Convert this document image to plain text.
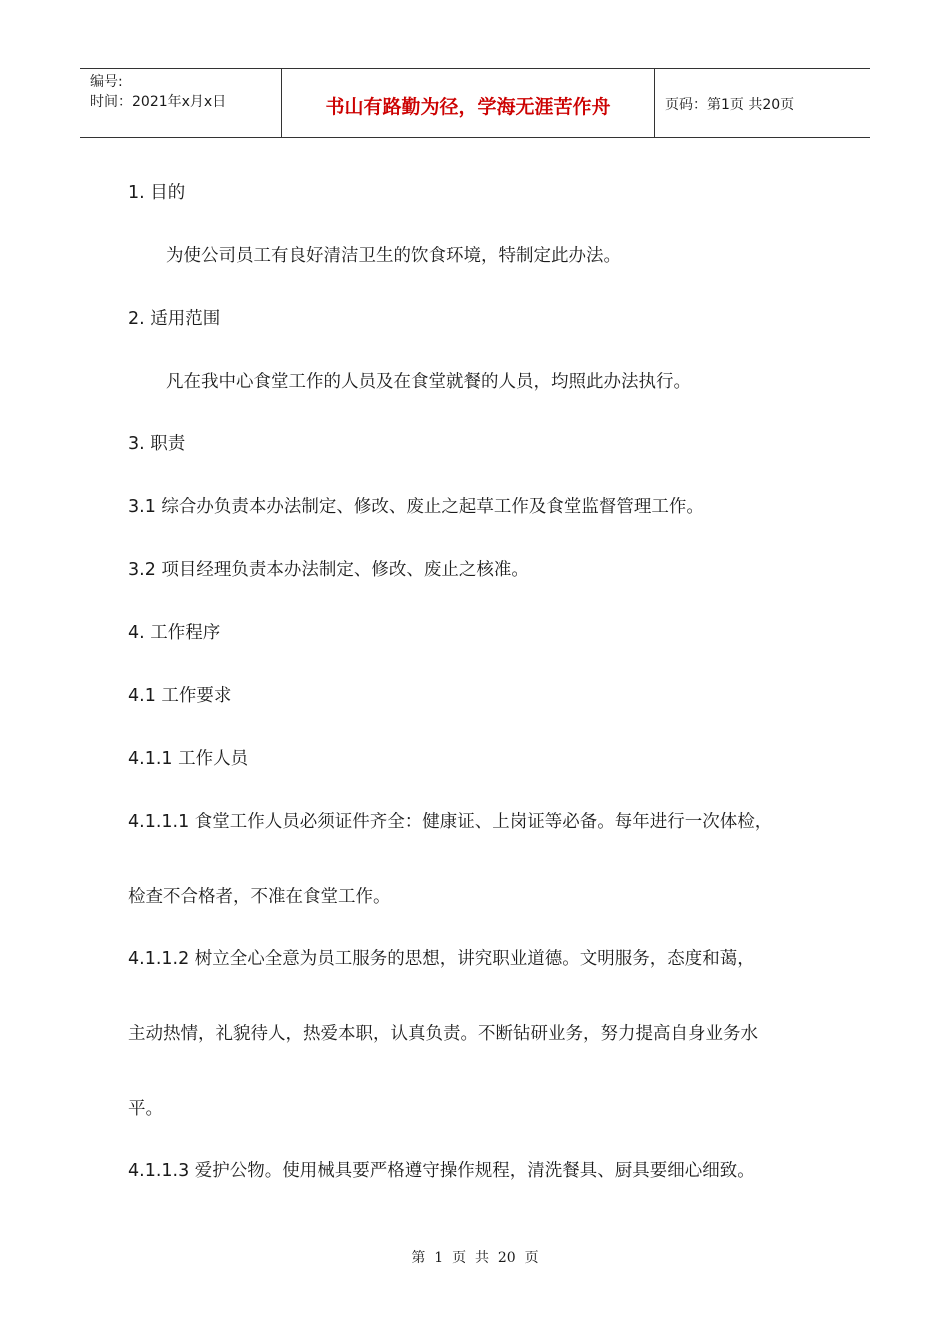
编号:
时间：2021年x月x日	书山有路勤为径，学海无涯苦作舟	页码：第1页 共20页
1. 目的
为使公司员工有良好清洁卫生的饮食环境，特制定此办法。
2. 适用范围
凡在我中心食堂工作的人员及在食堂就餐的人员，均照此办法执行。
3. 职责
3.1 综合办负责本办法制定、修改、废止之起草工作及食堂监督管理工作。
3.2 项目经理负责本办法制定、修改、废止之核准。
4. 工作程序
4.1 工作要求
4.1.1 工作人员
4.1.1.1 食堂工作人员必须证件齐全：健康证、上岗证等必备。每年进行一次体检，
检查不合格者，不准在食堂工作。
4.1.1.2 树立全心全意为员工服务的思想，讲究职业道德。文明服务，态度和蔼，
主动热情，礼貌待人，热爱本职，认真负责。不断钻研业务，努力提高自身业务水
平。
4.1.1.3 爱护公物。使用械具要严格遵守操作规程，清洗餐具、厨具要细心细致。
第  1  页  共  20  页
